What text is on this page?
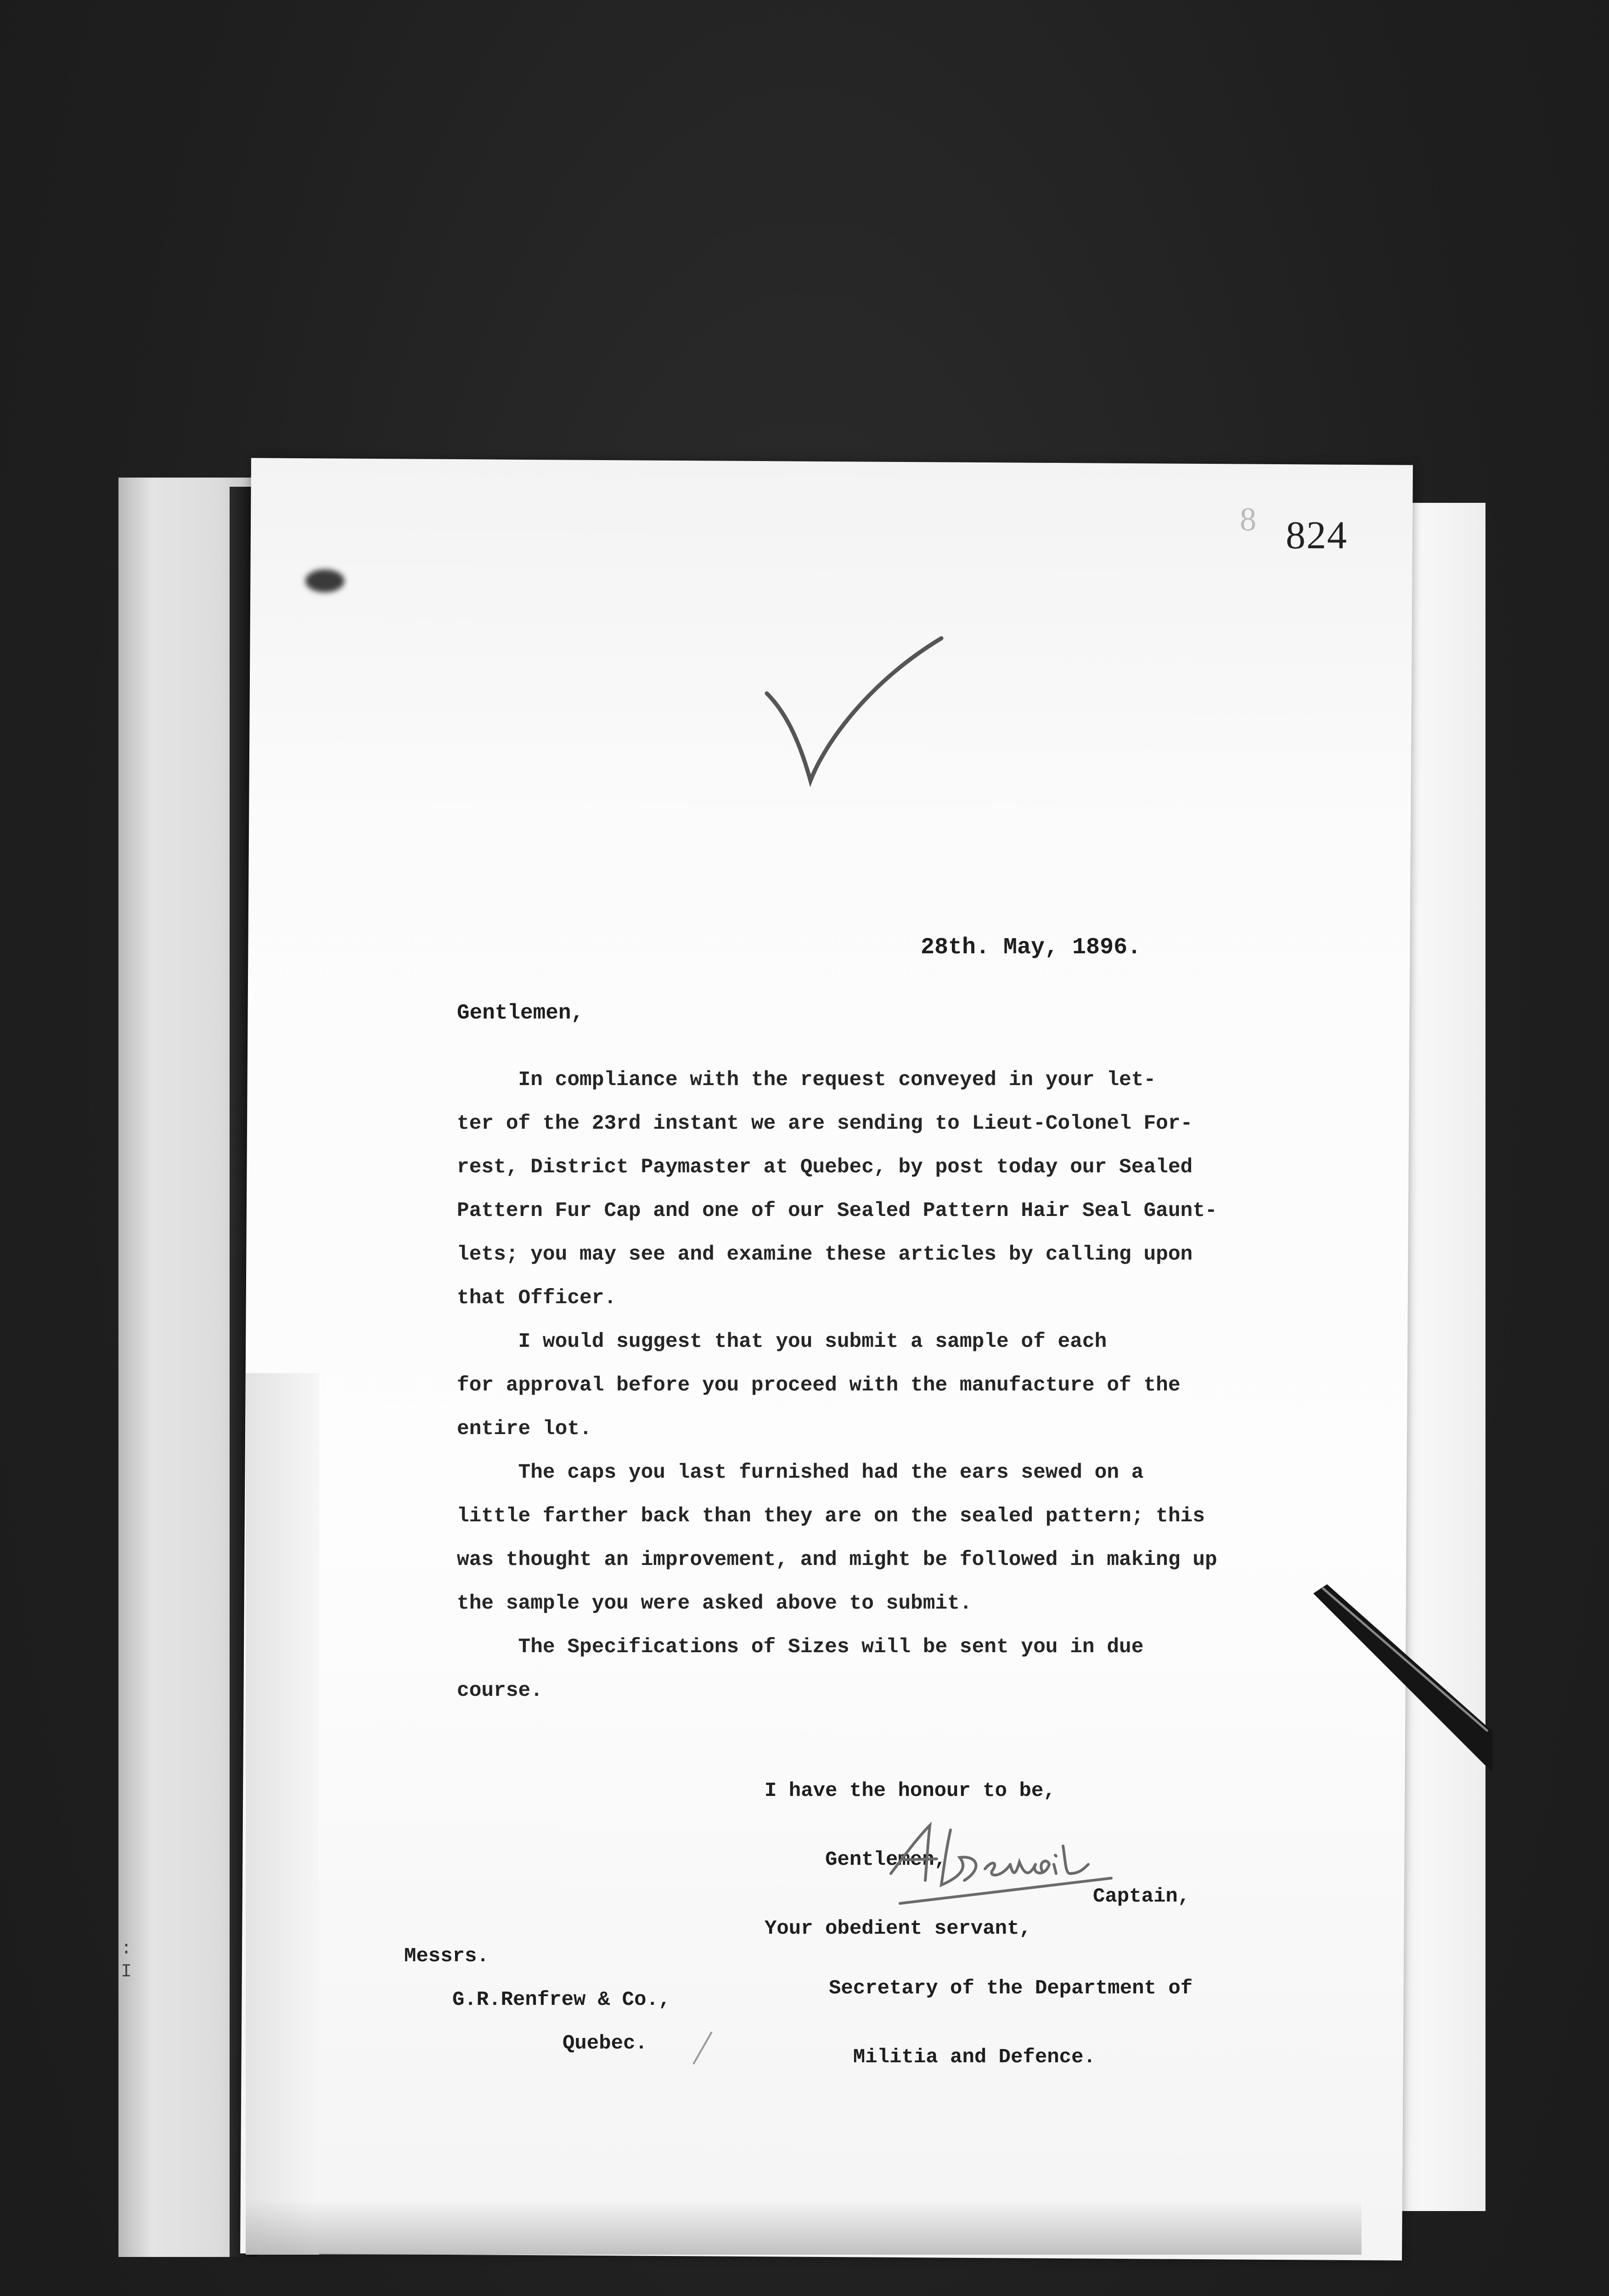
:
I
8 824
28th. May, 1896.
Gentlemen,

In compliance with the request conveyed in your let-

ter of the 23rd instant we are sending to Lieut-Colonel For-

rest, District Paymaster at Quebec, by post today our Sealed

Pattern Fur Cap and one of our Sealed Pattern Hair Seal Gaunt-

lets; you may see and examine these articles by calling upon

that Officer.

I would suggest that you submit a sample of each

for approval before you proceed with the manufacture of the

entire lot.

The caps you last furnished had the ears sewed on a

little farther back than they are on the sealed pattern; this

was thought an improvement, and might be followed in making up

the sample you were asked above to submit.

The Specifications of Sizes will be sent you in due

course.

I have the honour to be,

Gentlemen,

Your obedient servant,

Captain,

Secretary of the Department of

Militia and Defence.

Messrs.
G.R.Renfrew & Co.,
Quebec.
